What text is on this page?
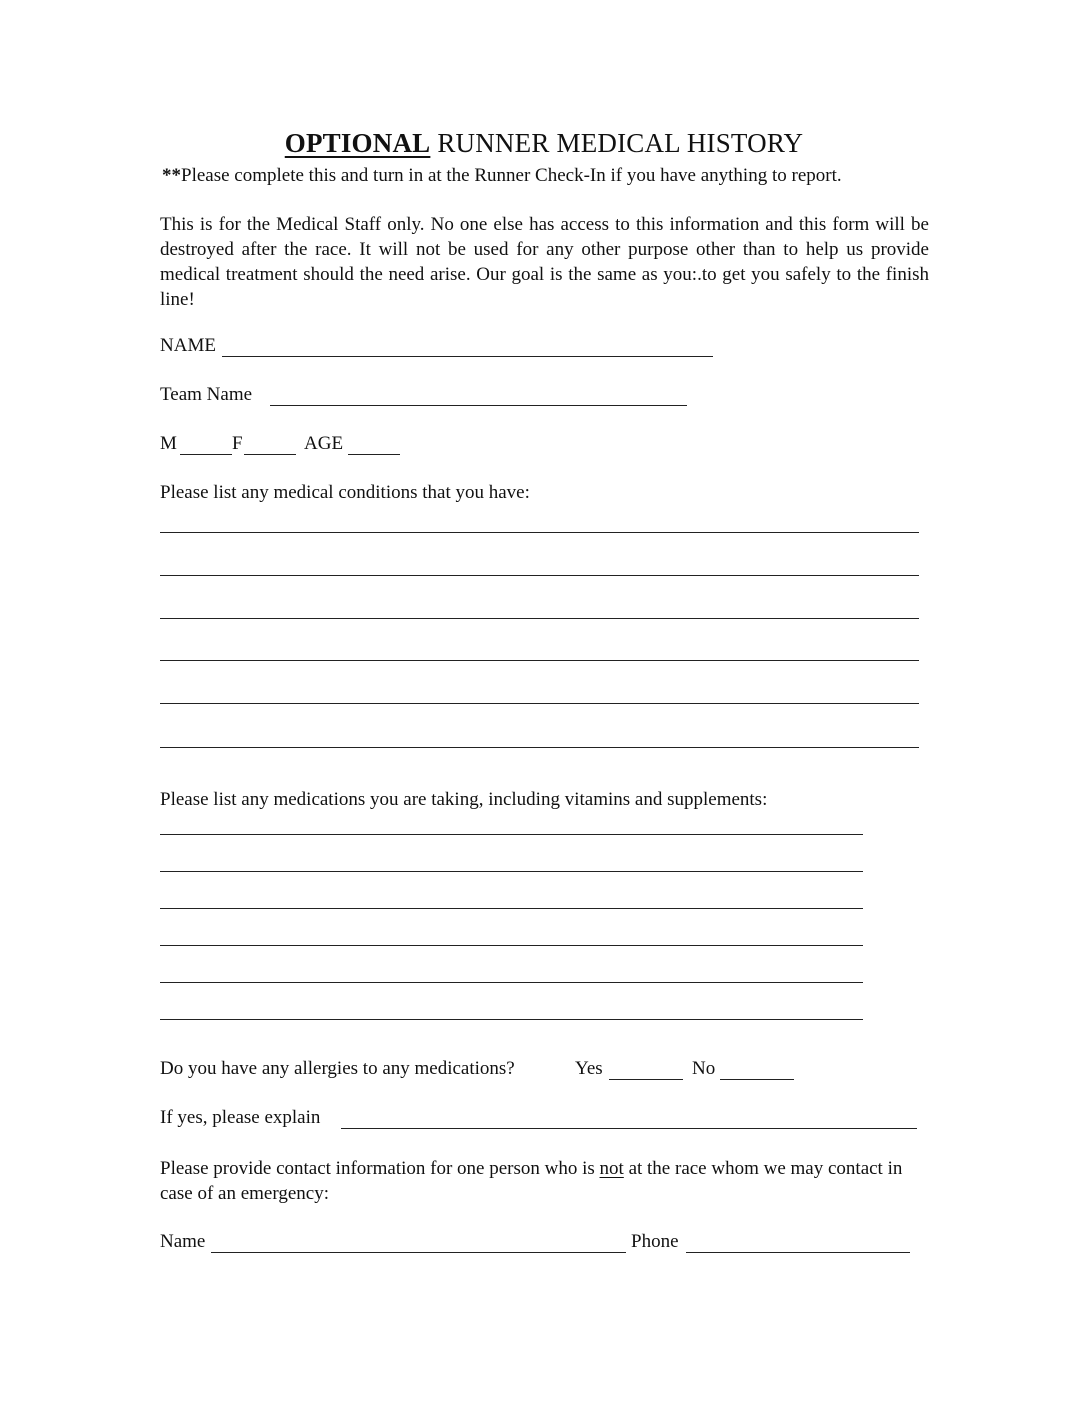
OPTIONAL RUNNER MEDICAL HISTORY
**Please complete this and turn in at the Runner Check-In if you have anything to report.

This is for the Medical Staff only. No one else has access to this information and this form will be destroyed after the race. It will not be used for any other purpose other than to help us provide medical treatment should the need arise. Our goal is the same as you:.to get you safely to the finish line!

NAME
Team Name
M	F	AGE
Please list any medical conditions that you have:
Please list any medications you are taking, including vitamins and supplements:
Do you have any allergies to any medications?	Yes	No
If yes, please explain
Please provide contact information for one person who is not at the race whom we may contact in case of an emergency:
Name	Phone
